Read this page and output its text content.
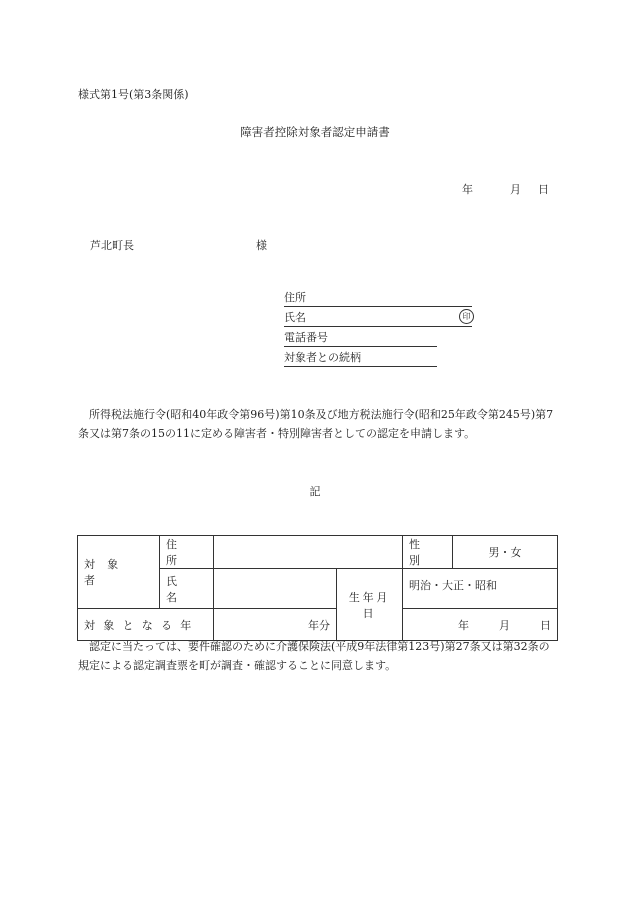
様式第1号(第3条関係)
障害者控除対象者認定申請書
年	月 日
芦北町長	様
住所
氏名	印
電話番号
対象者との続柄
所得税法施行令(昭和40年政令第96号)第10条及び地方税法施行令(昭和25年政令第245号)第7条又は第7条の15の11に定める障害者・特別障害者としての認定を申請します。
記
対象者	住所			性別	男・女
	氏名		生年月日	明治・大正・昭和	
対象となる年		年分		年 月 日	
認定に当たっては、要件確認のために介護保険法(平成9年法律第123号)第27条又は第32条の規定による認定調査票を町が調査・確認することに同意します。
